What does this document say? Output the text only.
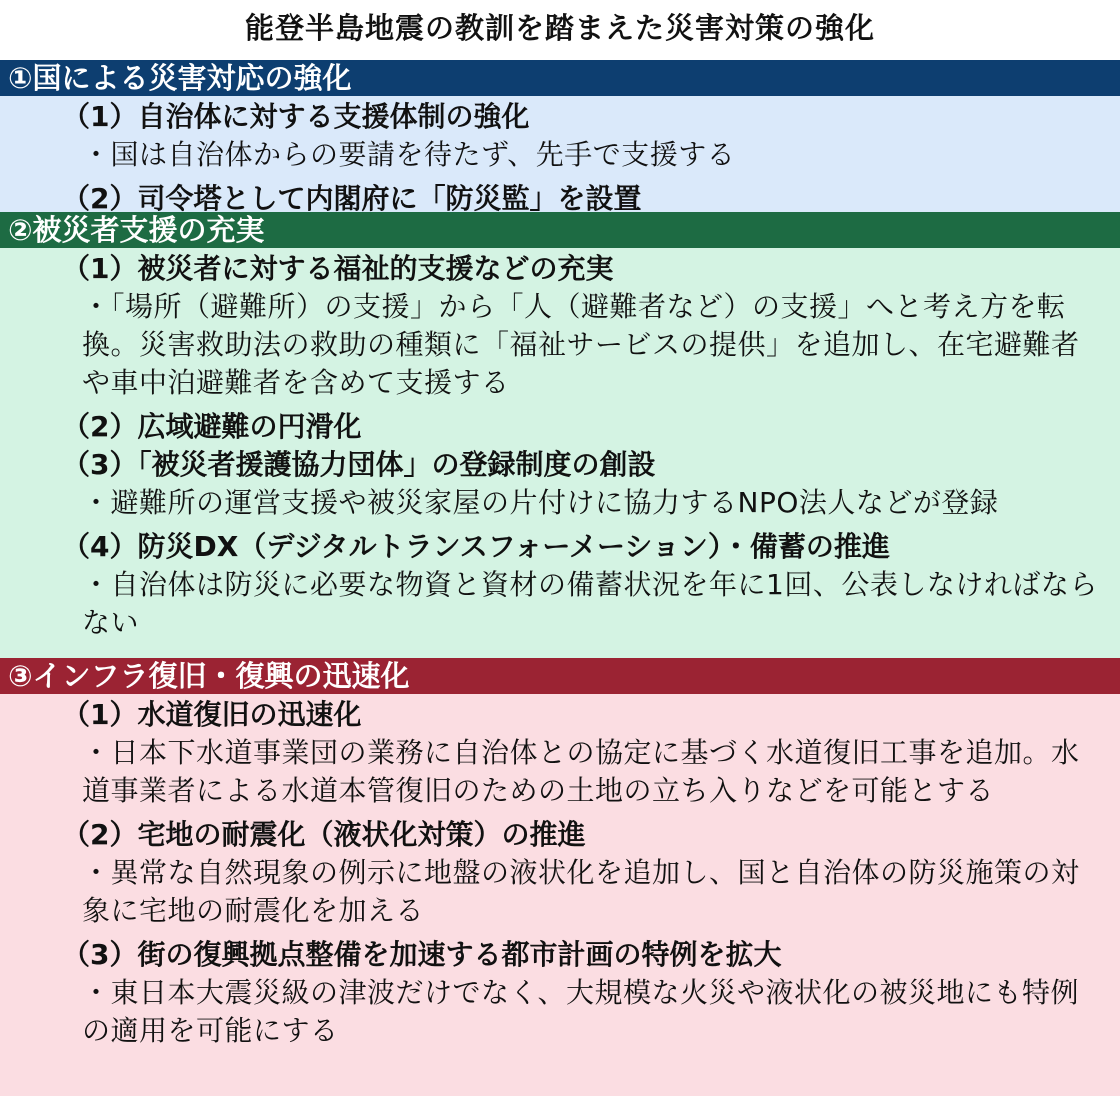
能登半島地震の教訓を踏まえた災害対策の強化
①国による災害対応の強化
（1）自治体に対する支援体制の強化
・国は自治体からの要請を待たず、先手で支援する
（2）司令塔として内閣府に「防災監」を設置
②被災者支援の充実
（1）被災者に対する福祉的支援などの充実
・「場所（避難所）の支援」から「人（避難者など）の支援」へと考え方を転換。災害救助法の救助の種類に「福祉サービスの提供」を追加し、在宅避難者や車中泊避難者を含めて支援する
（2）広域避難の円滑化
（3）「被災者援護協力団体」の登録制度の創設
・避難所の運営支援や被災家屋の片付けに協力するNPO法人などが登録
（4）防災DX（デジタルトランスフォーメーション）・備蓄の推進
・自治体は防災に必要な物資と資材の備蓄状況を年に1回、公表しなければならない
③インフラ復旧・復興の迅速化
（1）水道復旧の迅速化
・日本下水道事業団の業務に自治体との協定に基づく水道復旧工事を追加。水道事業者による水道本管復旧のための土地の立ち入りなどを可能とする
（2）宅地の耐震化（液状化対策）の推進
・異常な自然現象の例示に地盤の液状化を追加し、国と自治体の防災施策の対象に宅地の耐震化を加える
（3）街の復興拠点整備を加速する都市計画の特例を拡大
・東日本大震災級の津波だけでなく、大規模な火災や液状化の被災地にも特例の適用を可能にする
